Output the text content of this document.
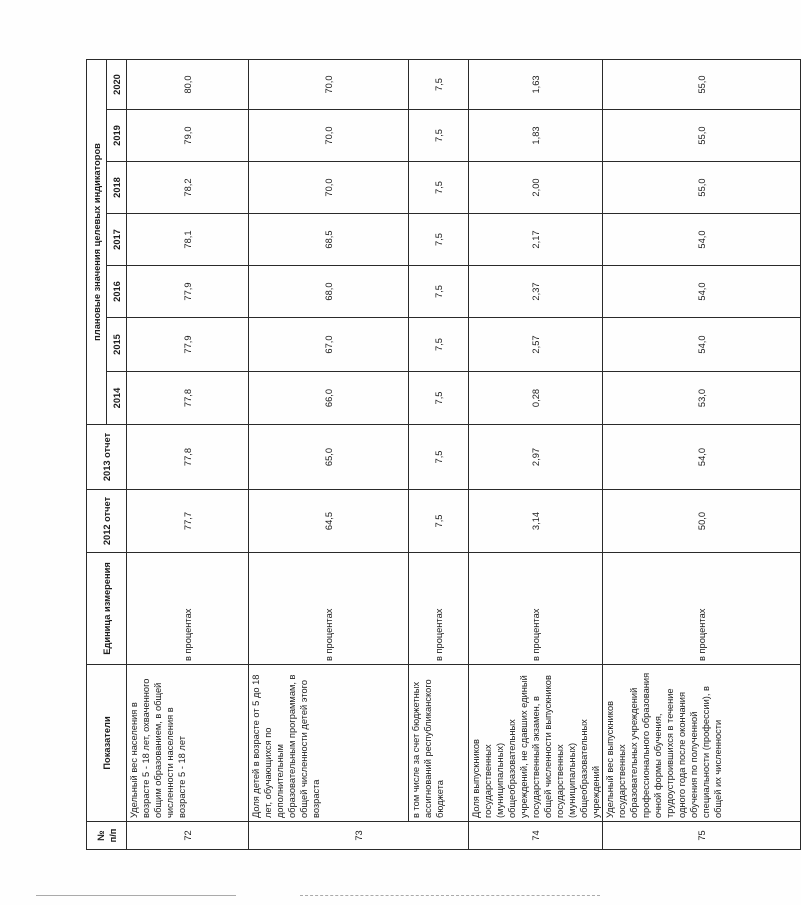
№ п/п	Показатели	Единица измерения	2012 отчет	2013 отчет	плановые значения целевых индикаторов						
					2014	2015	2016	2017	2018	2019	2020
72	Удельный вес населения в возрасте 5 - 18 лет, охваченного общим образованием, в общей численности населения в возрасте 5 - 18 лет	в процентах	77,7	77,8	77,8	77,9	77,9	78,1	78,2	79,0	80,0
73	Доля детей в возрасте от 5 до 18 лет, обучающихся по дополнительным образовательным программам, в общей численности детей этого возраста	в процентах	64,5	65,0	66,0	67,0	68,0	68,5	70,0	70,0	70,0
	в том числе за счет бюджетных ассигнований республиканского бюджета	в процентах	7,5	7,5	7,5	7,5	7,5	7,5	7,5	7,5	7,5
74	Доля выпускников государственных (муниципальных) общеобразовательных учреждений, не сдавших единый государственный экзамен, в общей численности выпускников государственных (муниципальных) общеобразовательных учреждений	в процентах	3,14	2,97	0,28	2,57	2,37	2,17	2,00	1,83	1,63
75	Удельный вес выпускников государственных образовательных учреждений профессионального образования очной формы обучения, трудоустроившихся в течение одного года после окончания обучения по полученной специальности (профессии), в общей их численности	в процентах	50,0	54,0	53,0	54,0	54,0	54,0	55,0	55,0	55,0
